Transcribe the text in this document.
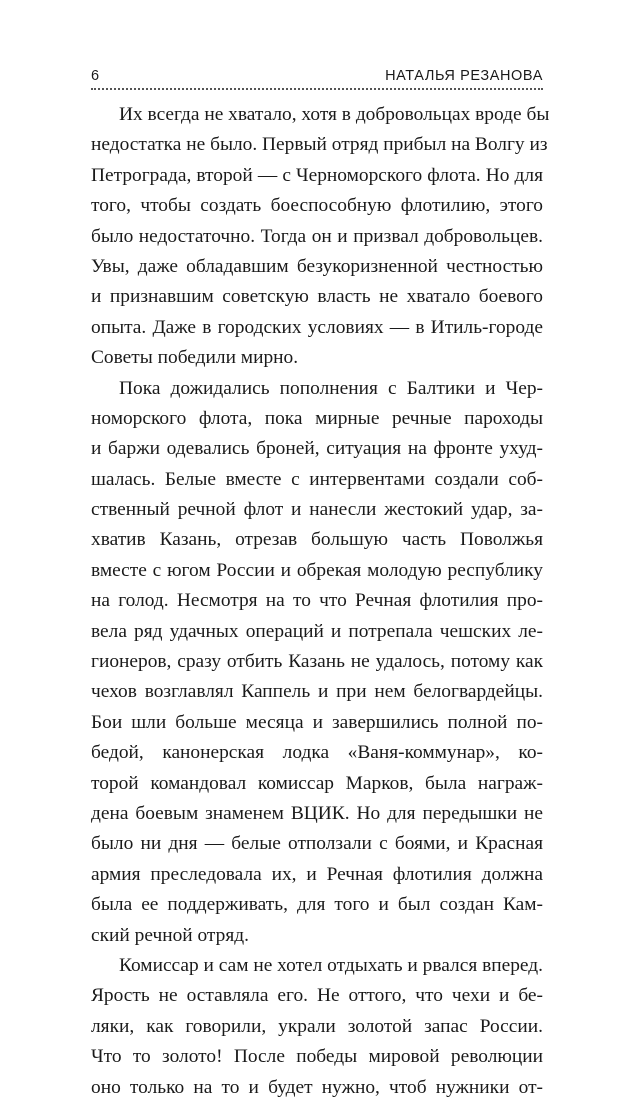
6	НАТАЛЬЯ РЕЗАНОВА
Их всегда не хватало, хотя в добровольцах вроде бы
недостатка не было. Первый отряд прибыл на Волгу из
Петрограда, второй — с Черноморского флота. Но для
того, чтобы создать боеспособную флотилию, этого
было недостаточно. Тогда он и призвал добровольцев.
Увы, даже обладавшим безукоризненной честностью
и признавшим советскую власть не хватало боевого
опыта. Даже в городских условиях — в Итиль-городе
Советы победили мирно.
Пока дожидались пополнения с Балтики и Чер-
номорского флота, пока мирные речные пароходы
и баржи одевались броней, ситуация на фронте ухуд-
шалась. Белые вместе с интервентами создали соб-
ственный речной флот и нанесли жестокий удар, за-
хватив Казань, отрезав большую часть Поволжья
вместе с югом России и обрекая молодую республику
на голод. Несмотря на то что Речная флотилия про-
вела ряд удачных операций и потрепала чешских ле-
гионеров, сразу отбить Казань не удалось, потому как
чехов возглавлял Каппель и при нем белогвардейцы.
Бои шли больше месяца и завершились полной по-
бедой, канонерская лодка «Ваня-коммунар», ко-
торой командовал комиссар Марков, была награж-
дена боевым знаменем ВЦИК. Но для передышки не
было ни дня — белые отползали с боями, и Красная
армия преследовала их, и Речная флотилия должна
была ее поддерживать, для того и был создан Кам-
ский речной отряд.
Комиссар и сам не хотел отдыхать и рвался вперед.
Ярость не оставляла его. Не оттого, что чехи и бе-
ляки, как говорили, украли золотой запас России.
Что то золото! После победы мировой революции
оно только на то и будет нужно, чтоб нужники от-
